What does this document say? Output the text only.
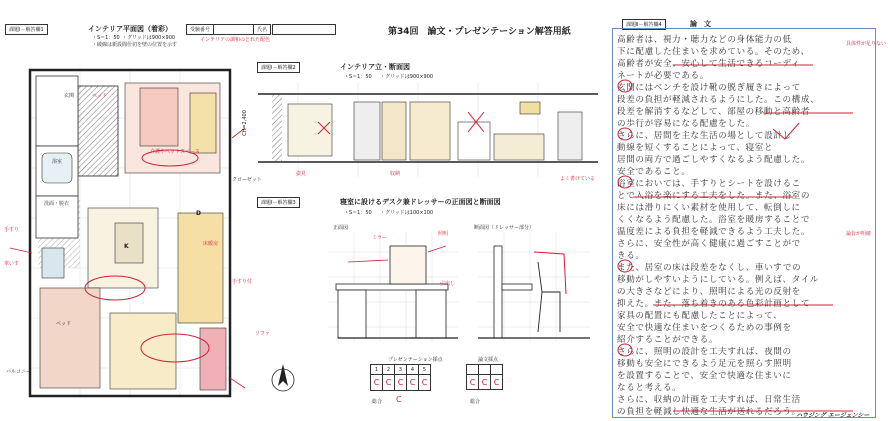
受験番号	氏名	第34回　論文・プレゼンテーション解答用紙
課題Ⅰ－解答欄1	インテリア平面図（着彩）
・S＝1：50 ・グリッドは900×900
・破線は新設間仕切を壁の位置を示す
玄関
浴室
洗面・脱衣
K
D
クローゼット
ベッド
バルコニー
インテリアの調和のとれた配色
ベッド
手すり
介護やペットスペース
床暖房
ソファ
手すり付
車いす
課題Ⅰ－解答欄2	インテリア立・断面図
・S＝1：50 ・グリッドは900×900
姿見	収納
CH=2,400
課題Ⅰ－解答欄3	寝室に設けるデスク兼ドレッサーの正面図と断面図
・S＝1：50 ・グリッドは100×100
正面図	断面図（ドレッサー部分）
ミラー
照明
引出し
プレゼンテーション採点	論文採点
1	2	3	4	5
C	C	C	C	C
			C	C	C
総合 C	総合
課題Ⅱ－解答欄4	論　文
高齢者は、視力・聴力などの身体能力の低
下に配慮した住まいを求めている。そのため、
高齢者が安全、安心して生活できるコーディ
ネートが必要である。
玄関にはベンチを設け靴の脱ぎ履きによって
段差の負担が軽減されるようにした。この構成、
段差を解消するなどして、部屋の移動と高齢者
の歩行が容易になる配慮をした。
さらに、居間を主な生活の場として設計し
動線を短くすることによって、寝室と
居間の両方で過ごしやすくなるよう配慮した。
安全であること。
浴室においては、手すりとシートを設けるこ
とで入浴を楽にする工夫をした。また、浴室の
床には滑りにくい素材を使用して、転倒しに
くくなるよう配慮した。浴室を暖房することで
温度差による負担を軽減できるよう工夫した。
さらに、安全性が高く健康に過ごすことがで
きる。
また、居室の床は段差をなくし、車いすでの
移動がしやすいようにしている。例えば、タイル
の大きさなどにより、照明による光の反射を
抑えた。また、落ち着きのある色彩計画として
家具の配置にも配慮したことによって、
安全で快適な住まいをつくるための事例を
紹介することができる。
さらに、照明の設計を工夫すれば、夜間の
移動も安全にできるよう足元を照らす照明
を設置することで、安全で快適な住まいに
なると考える。
さらに、収納の計画を工夫すれば、日常生活
の負担を軽減し快適な生活が送れるだろう。
具体性が足りない
論旨が明確
よく書けている
ハウジング エージェンシー
